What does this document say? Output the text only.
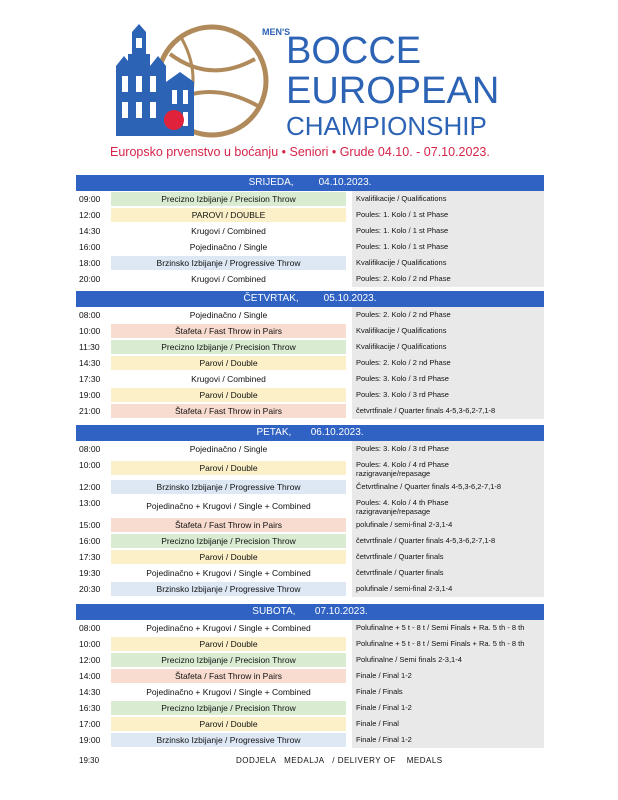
MEN'S
BOCCE
EUROPEAN
CHAMPIONSHIP
Europsko prvenstvo u boćanju • Seniori • Grude 04.10. - 07.10.2023.
SRIJEDA,         04.10.2023.
09:00	Precizno Izbijanje / Precision Throw	Kvalifikacije / Qualifications
12:00	PAROVI / DOUBLE	Poules: 1. Kolo / 1 st Phase
14:30	Krugovi / Combined	Poules: 1. Kolo / 1 st Phase
16:00	Pojedinačno / Single	Poules: 1. Kolo / 1 st Phase
18:00	Brzinsko Izbijanje / Progressive Throw	Kvalifikacije / Qualifications
20:00	Krugovi / Combined	Poules: 2. Kolo / 2 nd Phase
ČETVRTAK,         05.10.2023.
08:00	Pojedinačno / Single	Poules: 2. Kolo / 2 nd Phase
10:00	Štafeta / Fast Throw in Pairs	Kvalifikacije / Qualifications
11:30	Precizno Izbijanje / Precision Throw	Kvalifikacije / Qualifications
14:30	Parovi / Double	Poules: 2. Kolo / 2 nd Phase
17:30	Krugovi / Combined	Poules: 3. Kolo / 3 rd Phase
19:00	Parovi / Double	Poules: 3. Kolo / 3 rd Phase
21:00	Štafeta / Fast Throw in Pairs	četvrtfinale / Quarter finals 4-5,3-6,2-7,1-8
PETAK,       06.10.2023.
08:00	Pojedinačno / Single	Poules: 3. Kolo / 3 rd Phase
10:00	Parovi / Double	Poules: 4. Kolo / 4 rd Phase
razigravanje/repasage
12:00	Brzinsko Izbijanje / Progressive Throw	Četvrtfinalne / Quarter finals 4-5,3-6,2-7,1-8
13:00	Pojedinačno + Krugovi / Single + Combined	Poules: 4. Kolo / 4 th Phase
razigravanje/repasage
15:00	Štafeta / Fast Throw in Pairs	polufinale / semi-final 2-3,1-4
16:00	Precizno Izbijanje / Precision Throw	četvrtfinale / Quarter finals 4-5,3-6,2-7,1-8
17:30	Parovi / Double	četvrtfinale / Quarter finals
19:30	Pojedinačno + Krugovi / Single + Combined	četvrtfinale / Quarter finals
20:30	Brzinsko Izbijanje / Progressive Throw	polufinale / semi-final 2-3,1-4
SUBOTA,       07.10.2023.
08:00	Pojedinačno + Krugovi / Single + Combined	Polufinalne + 5 t - 8 t / Semi Finals + Ra. 5 th - 8 th
10:00	Parovi / Double	Polufinalne + 5 t - 8 t / Semi Finals + Ra. 5 th - 8 th
12:00	Precizno Izbijanje / Precision Throw	Polufinalne / Semi finals 2-3,1-4
14:00	Štafeta / Fast Throw in Pairs	Finale / Final 1-2
14:30	Pojedinačno + Krugovi / Single + Combined	Finale / Finals
16:30	Precizno Izbijanje / Precision Throw	Finale / Final 1-2
17:00	Parovi / Double	Finale / Final
19:00	Brzinsko Izbijanje / Progressive Throw	Finale / Final 1-2
19:30	DODJELA   MEDALJA   / DELIVERY OF    MEDALS
